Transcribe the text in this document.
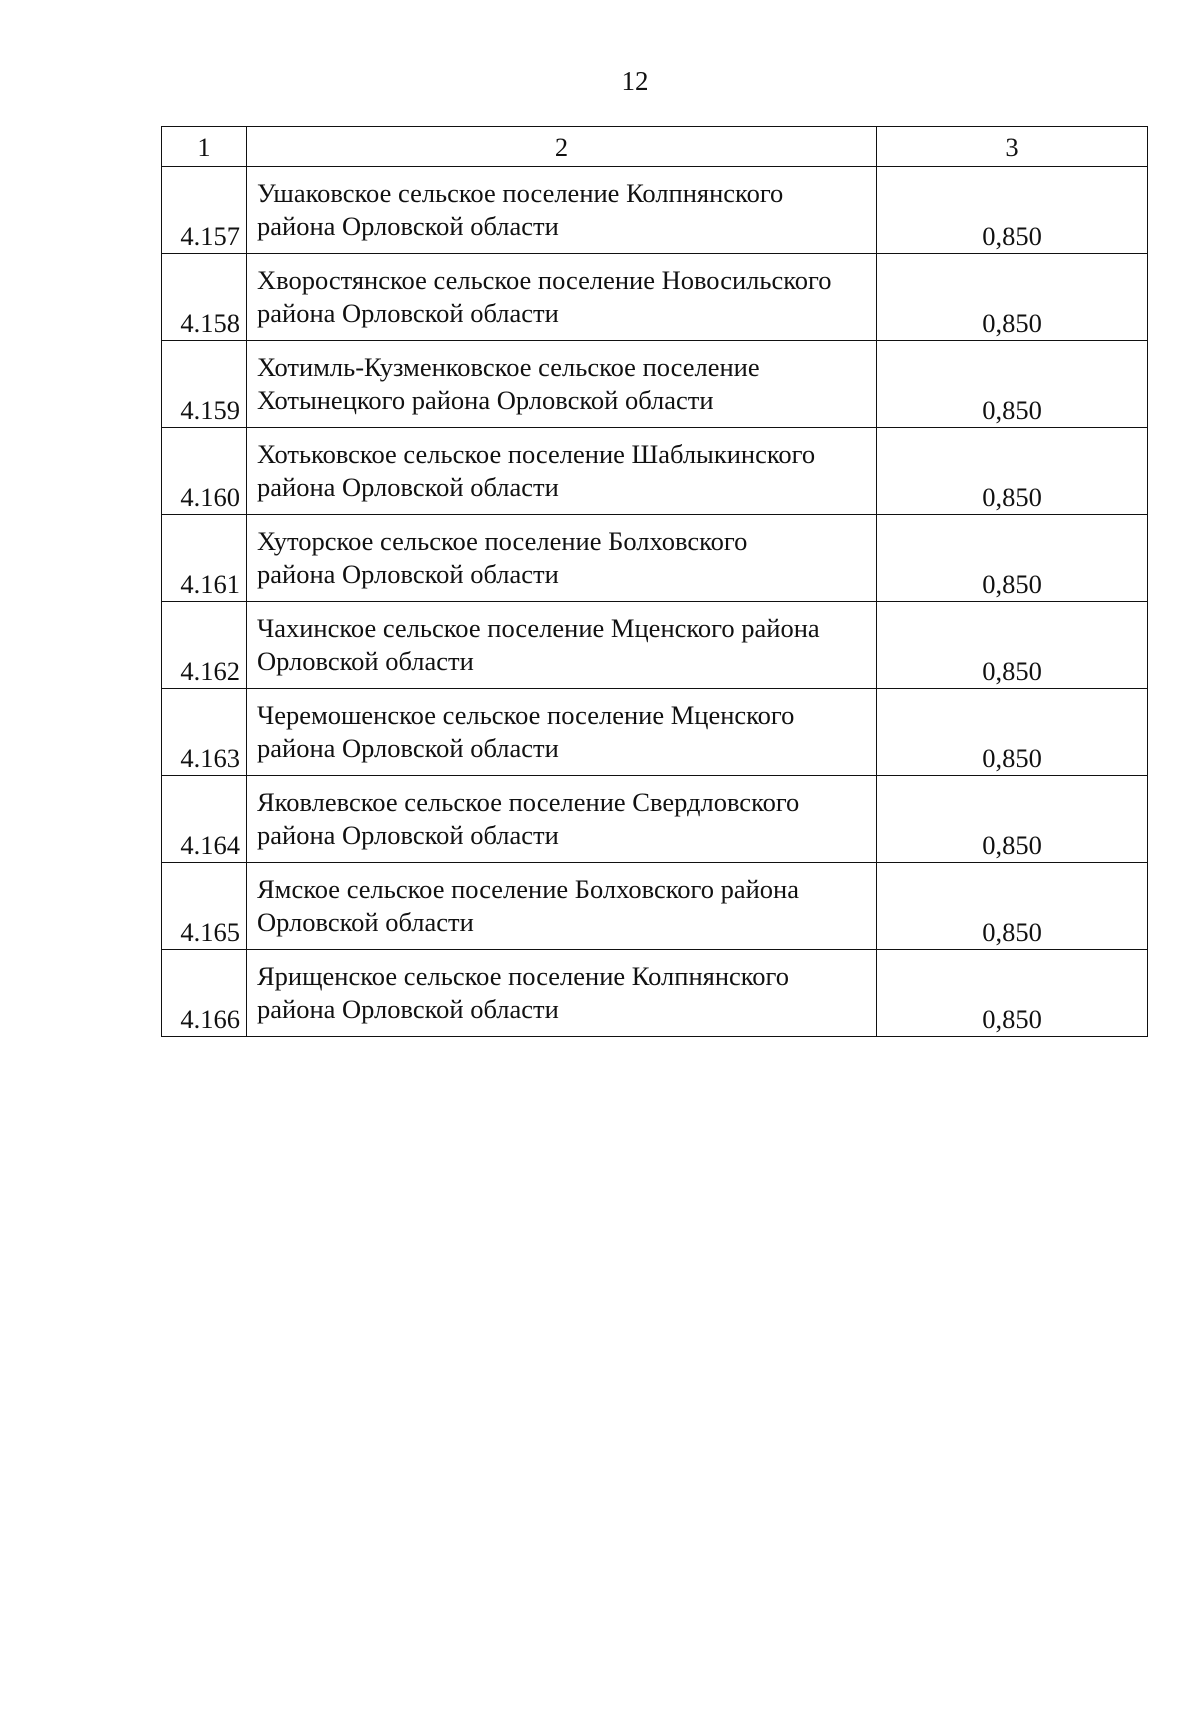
12
1	2	3
4.157	Ушаковское сельское поселение Колпнянского
района Орловской области	0,850
4.158	Хворостянское сельское поселение Новосильского
района Орловской области	0,850
4.159	Хотимль-Кузменковское сельское поселение
Хотынецкого района Орловской области	0,850
4.160	Хотьковское сельское поселение Шаблыкинского
района Орловской области	0,850
4.161	Хуторское сельское поселение Болховского
района Орловской области	0,850
4.162	Чахинское сельское поселение Мценского района
Орловской области	0,850
4.163	Черемошенское сельское поселение Мценского
района Орловской области	0,850
4.164	Яковлевское сельское поселение Свердловского
района Орловской области	0,850
4.165	Ямское сельское поселение Болховского района
Орловской области	0,850
4.166	Ярищенское сельское поселение Колпнянского
района Орловской области	0,850
